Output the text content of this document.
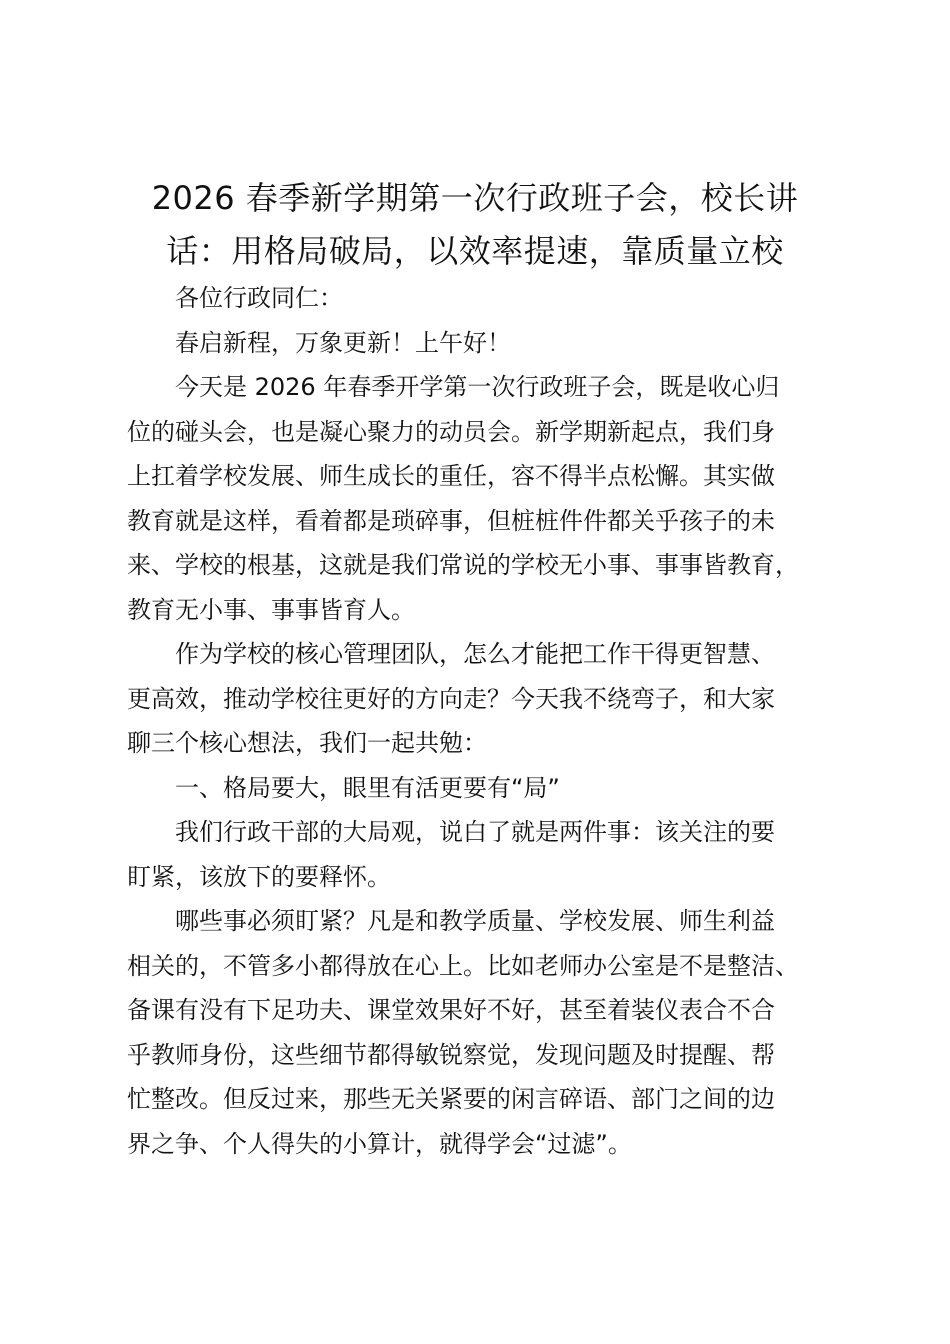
2026 春季新学期第一次行政班子会，校长讲
话：用格局破局，以效率提速，靠质量立校

各位行政同仁：

春启新程，万象更新！上午好！

今天是 2026 年春季开学第一次行政班子会，既是收心归
位的碰头会，也是凝心聚力的动员会。新学期新起点，我们身
上扛着学校发展、师生成长的重任，容不得半点松懈。其实做
教育就是这样，看着都是琐碎事，但桩桩件件都关乎孩子的未
来、学校的根基，这就是我们常说的学校无小事、事事皆教育，
教育无小事、事事皆育人。

作为学校的核心管理团队，怎么才能把工作干得更智慧、
更高效，推动学校往更好的方向走？今天我不绕弯子，和大家
聊三个核心想法，我们一起共勉：

一、格局要大，眼里有活更要有“局”

我们行政干部的大局观，说白了就是两件事：该关注的要
盯紧，该放下的要释怀。

哪些事必须盯紧？凡是和教学质量、学校发展、师生利益
相关的，不管多小都得放在心上。比如老师办公室是不是整洁、
备课有没有下足功夫、课堂效果好不好，甚至着装仪表合不合
乎教师身份，这些细节都得敏锐察觉，发现问题及时提醒、帮
忙整改。但反过来，那些无关紧要的闲言碎语、部门之间的边
界之争、个人得失的小算计，就得学会“过滤”。
